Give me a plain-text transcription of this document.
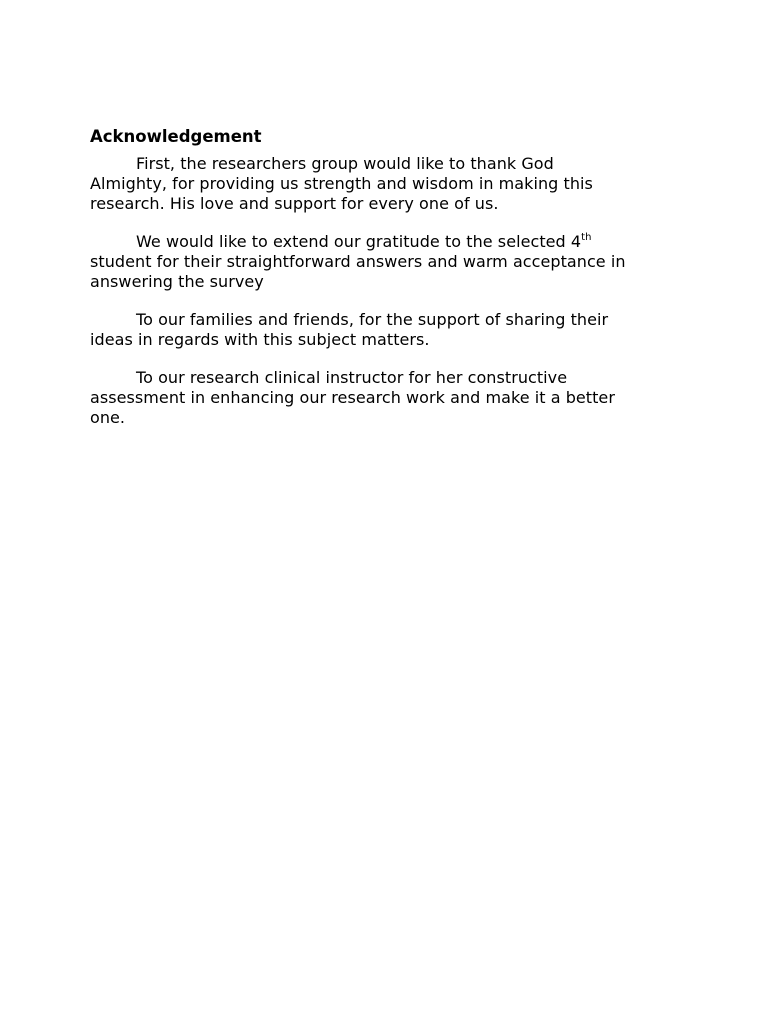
Acknowledgement
First, the researchers group would like to thank God
Almighty, for providing us strength and wisdom in making this
research. His love and support for every one of us.
We would like to extend our gratitude to the selected 4th
student for their straightforward answers and warm acceptance in
answering the survey
To our families and friends, for the support of sharing their
ideas in regards with this subject matters.
To our research clinical instructor for her constructive
assessment in enhancing our research work and make it a better
one.
